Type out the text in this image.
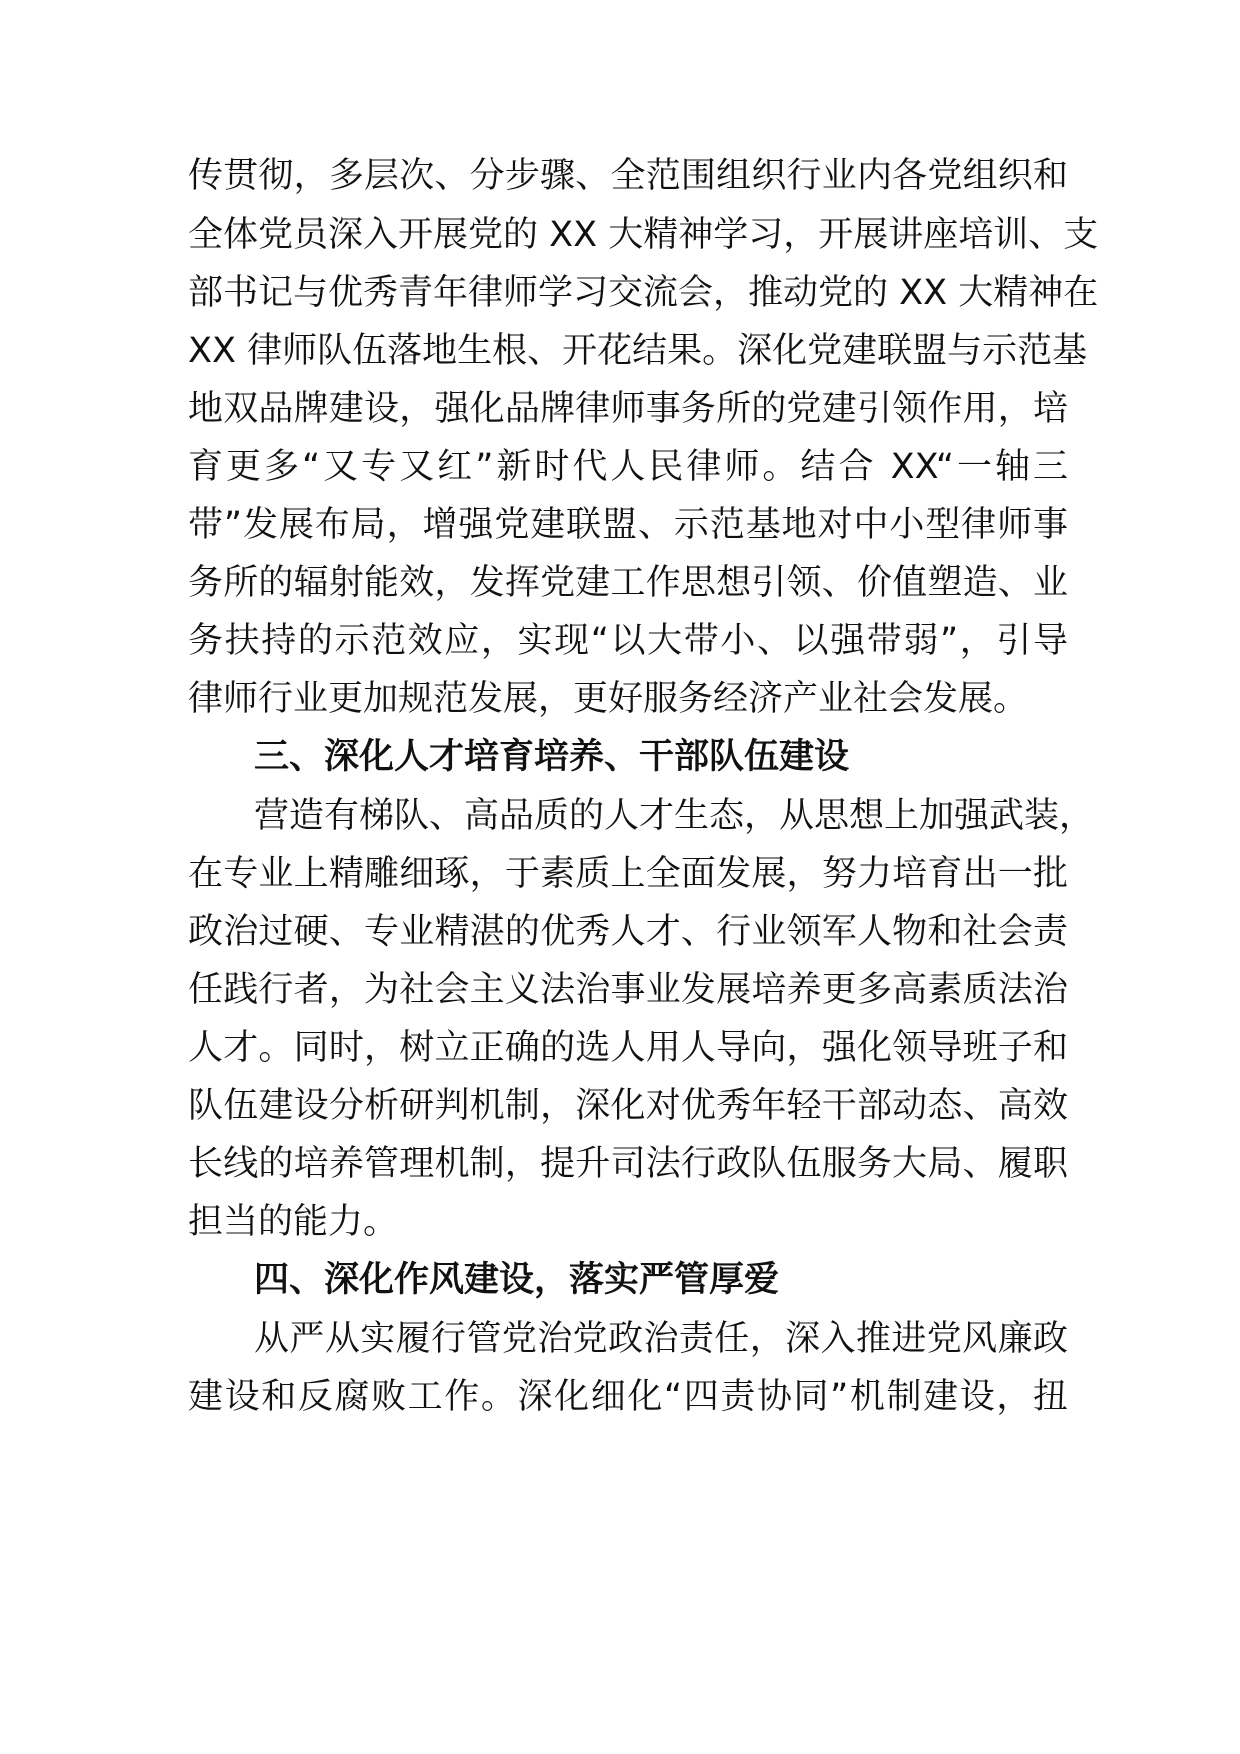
传贯彻，多层次、分步骤、全范围组织行业内各党组织和
全体党员深入开展党的 XX 大精神学习，开展讲座培训、支
部书记与优秀青年律师学习交流会，推动党的 XX 大精神在
XX 律师队伍落地生根、开花结果。深化党建联盟与示范基
地双品牌建设，强化品牌律师事务所的党建引领作用，培
育更多“又专又红”新时代人民律师。结合 XX“一轴三
带”发展布局，增强党建联盟、示范基地对中小型律师事
务所的辐射能效，发挥党建工作思想引领、价值塑造、业
务扶持的示范效应，实现“以大带小、以强带弱”，引导
律师行业更加规范发展，更好服务经济产业社会发展。
三、深化人才培育培养、干部队伍建设
营造有梯队、高品质的人才生态，从思想上加强武装，
在专业上精雕细琢，于素质上全面发展，努力培育出一批
政治过硬、专业精湛的优秀人才、行业领军人物和社会责
任践行者，为社会主义法治事业发展培养更多高素质法治
人才。同时，树立正确的选人用人导向，强化领导班子和
队伍建设分析研判机制，深化对优秀年轻干部动态、高效
长线的培养管理机制，提升司法行政队伍服务大局、履职
担当的能力。
四、深化作风建设，落实严管厚爱
从严从实履行管党治党政治责任，深入推进党风廉政
建设和反腐败工作。深化细化“四责协同”机制建设，扭
